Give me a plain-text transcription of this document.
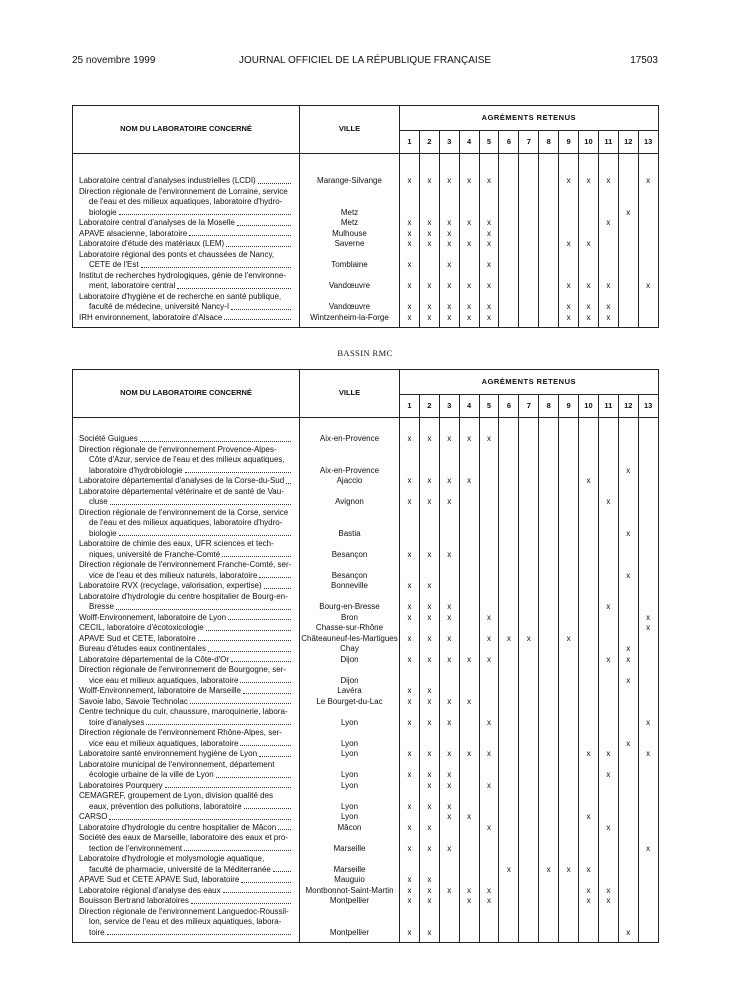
25 novembre 1999	JOURNAL OFFICIEL DE LA RÉPUBLIQUE FRANÇAISE	17503
NOM DU LABORATOIRE CONCERNÉ	VILLE	AGRÉMENTS RETENUS												
		1	2	3	4	5	6	7	8	9	10	11	12	13

Laboratoire central d'analyses industrielles (LCDI)	Marange-Silvange	x	x	x	x	x				x	x	x		x

Direction régionale de l'environnement de Lorraine, service
de l'eau et des milieux aquatiques, laboratoire d'hydro-
biologie	Metz												x	

Laboratoire central d'analyses de la Moselle	Metz	x	x	x	x	x						x		

APAVE alsacienne, laboratoire	Mulhouse	x	x	x		x								

Laboratoire d'étude des matériaux (LEM)	Saverne	x	x	x	x	x				x	x			

Laboratoire régional des ponts et chaussées de Nancy,
CETE de l'Est	Tomblaine	x		x		x								

Institut de recherches hydrologiques, génie de l'environne-
ment, laboratoire central	Vandœuvre	x	x	x	x	x				x	x	x		x

Laboratoire d'hygiène et de recherche en santé publique,
faculté de médecine, université Nancy-I	Vandœuvre	x	x	x	x	x				x	x	x		

IRH environnement, laboratoire d'Alsace	Wintzenheim-la-Forge	x	x	x	x	x				x	x	x		

BASSIN RMC
NOM DU LABORATOIRE CONCERNÉ	VILLE	AGRÉMENTS RETENUS												
		1	2	3	4	5	6	7	8	9	10	11	12	13

Société Guigues	Aix-en-Provence	x	x	x	x	x								

Direction régionale de l'environnement Provence-Alpes-
Côte d'Azur, service de l'eau et des milieux aquatiques,
laboratoire d'hydrobiologie	Aix-en-Provence												x	

Laboratoire départemental d'analyses de la Corse-du-Sud	Ajaccio	x	x	x	x						x			

Laboratoire départemental vétérinaire et de santé de Vau-
cluse	Avignon	x	x	x								x		

Direction régionale de l'environnement de la Corse, service
de l'eau et des milieux aquatiques, laboratoire d'hydro-
biologie	Bastia												x	

Laboratoire de chimie des eaux, UFR sciences et tech-
niques, université de Franche-Comté	Besançon	x	x	x										

Direction régionale de l'environnement Franche-Comté, ser-
vice de l'eau et des milieux naturels, laboratoire	Besançon												x	

Laboratoire RVX (recyclage, valorisation, expertise)	Bonneville	x	x											

Laboratoire d'hydrologie du centre hospitalier de Bourg-en-
Bresse	Bourg-en-Bresse	x	x	x								x		

Wolff-Environnement, laboratoire de Lyon	Bron	x	x	x		x								x

CECIL, laboratoire d'écotoxicologie	Chasse-sur-Rhône													x

APAVE Sud et CETE, laboratoire	Châteauneuf-les-Martigues	x	x	x		x	x	x		x				

Bureau d'études eaux continentales	Chay												x	

Laboratoire départemental de la Côte-d'Or	Dijon	x	x	x	x	x						x	x	

Direction régionale de l'environnement de Bourgogne, ser-
vice eau et milieux aquatiques, laboratoire	Dijon												x	

Wolff-Environnement, laboratoire de Marseille	Lavéra	x	x											

Savoie labo, Savoie Technolac	Le Bourget-du-Lac	x	x	x	x									

Centre technique du cuir, chaussure, maroquinerie, labora-
toire d'analyses	Lyon	x	x	x		x								x

Direction régionale de l'environnement Rhône-Alpes, ser-
vice eau et milieux aquatiques, laboratoire	Lyon												x	

Laboratoire santé environnement hygiène de Lyon	Lyon	x	x	x	x	x					x	x		x

Laboratoire municipal de l'environnement, département
écologie urbaine de la ville de Lyon	Lyon	x	x	x								x		

Laboratoires Pourquery	Lyon		x	x		x								

CEMAGREF, groupement de Lyon, division qualité des
eaux, prévention des pollutions, laboratoire	Lyon	x	x	x										

CARSO	Lyon			x	x						x			

Laboratoire d'hydrologie du centre hospitalier de Mâcon	Mâcon	x	x			x						x		

Société des eaux de Marseille, laboratoire des eaux et pro-
tection de l'environnement	Marseille	x	x	x										x

Laboratoire d'hydrologie et molysmologie aquatique,
faculté de pharmacie, université de la Méditerranée	Marseille						x		x	x	x			

APAVE Sud et CETE APAVE Sud, laboratoire	Mauguio	x	x											

Laboratoire régional d'analyse des eaux	Montbonnot-Saint-Martin	x	x	x	x	x					x	x		

Bouisson Bertrand laboratoires	Montpellier	x	x		x	x					x	x		

Direction régionale de l'environnement Languedoc-Roussil-
lon, service de l'eau et des milieux aquatiques, labora-
toire	Montpellier	x	x										x	
